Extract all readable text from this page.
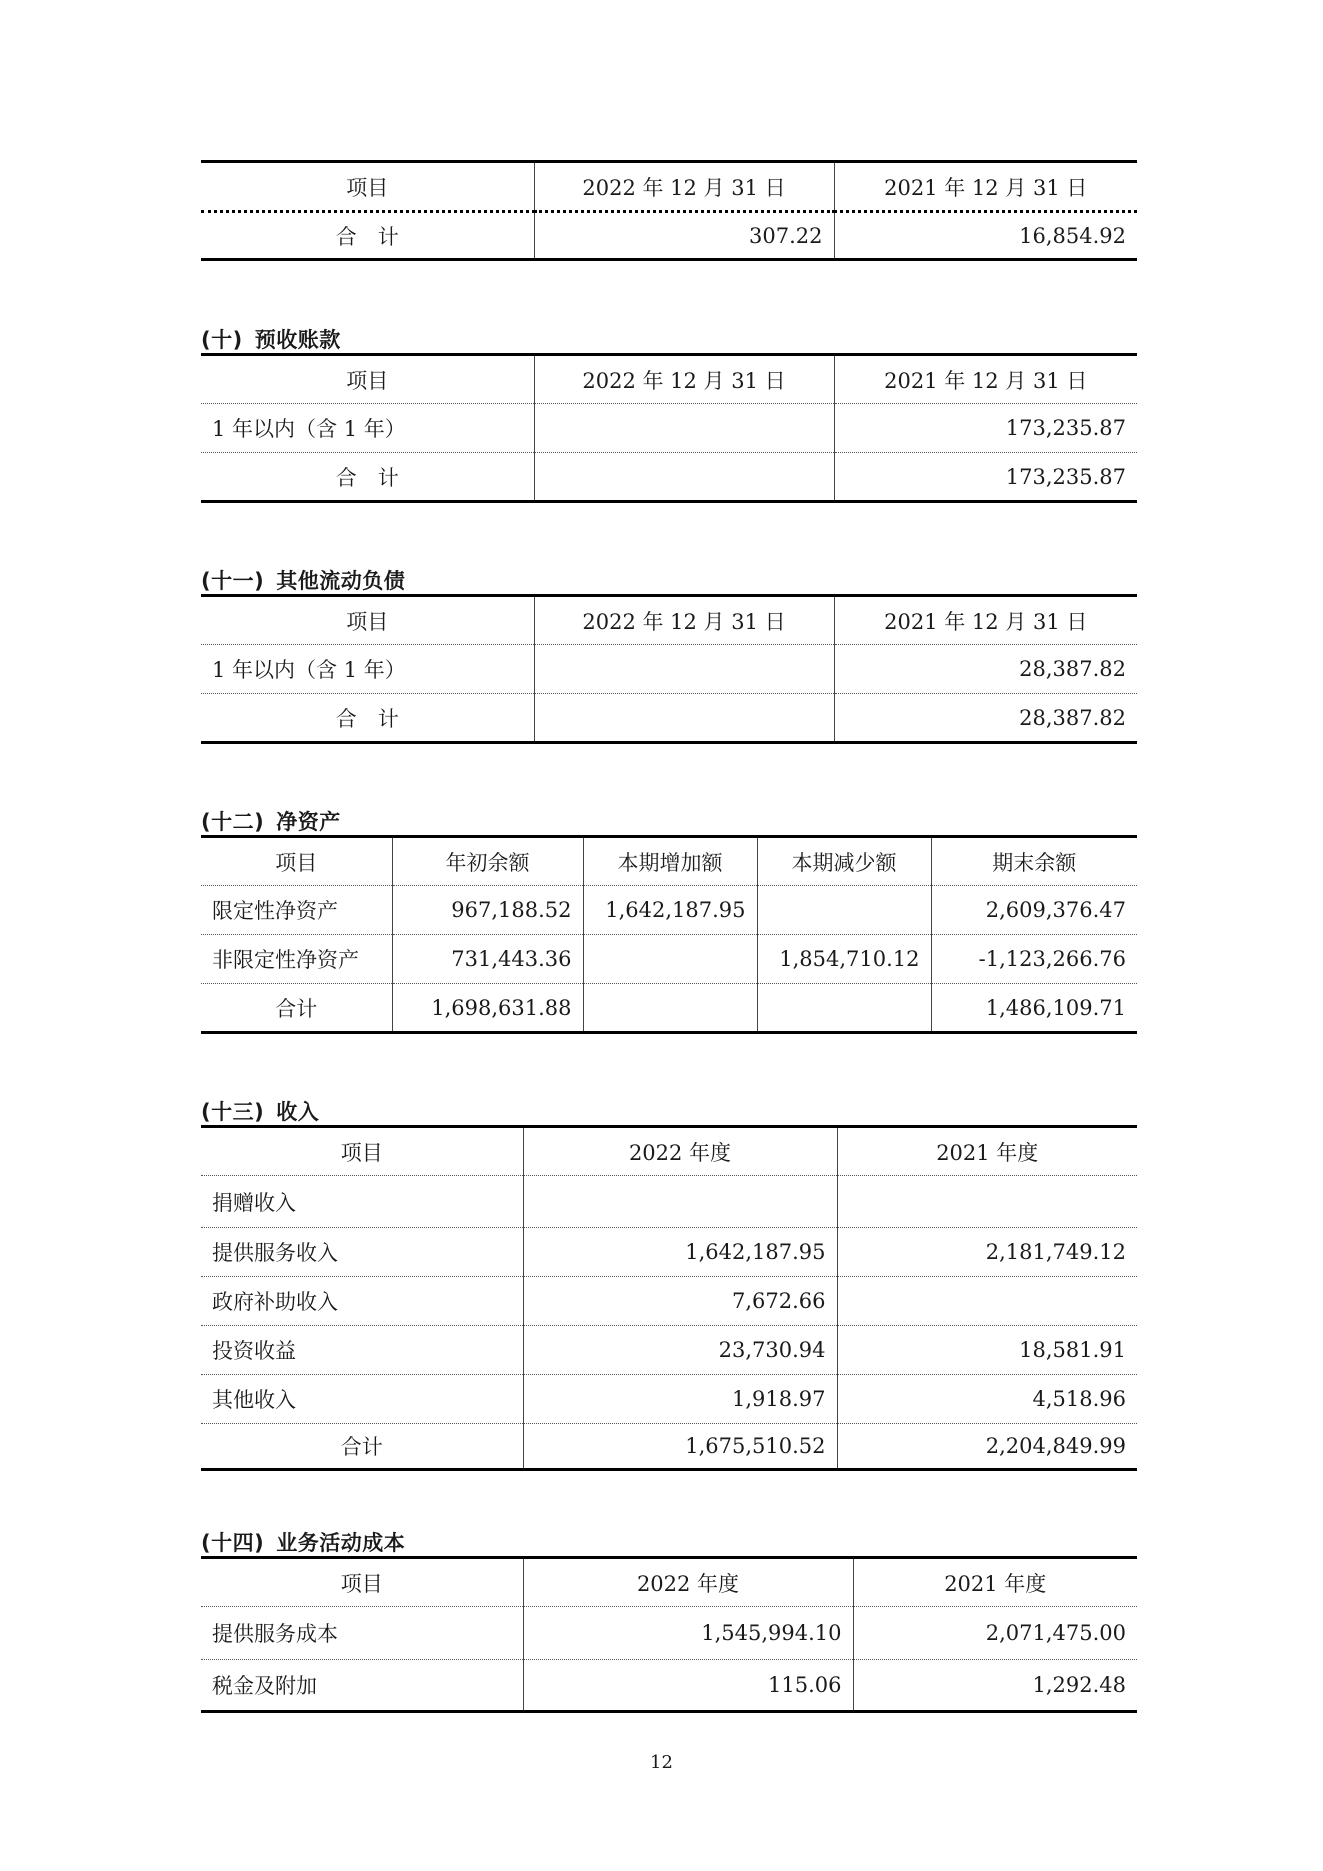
项目	2022 年 12 月 31 日	2021 年 12 月 31 日
合　计	307.22	16,854.92
(十) 预收账款
项目	2022 年 12 月 31 日	2021 年 12 月 31 日
1 年以内（含 1 年）		173,235.87
合　计		173,235.87
(十一) 其他流动负债
项目	2022 年 12 月 31 日	2021 年 12 月 31 日
1 年以内（含 1 年）		28,387.82
合　计		28,387.82
(十二) 净资产
项目	年初余额	本期增加额	本期减少额	期末余额
限定性净资产	967,188.52	1,642,187.95		2,609,376.47
非限定性净资产	731,443.36		1,854,710.12	-1,123,266.76
合计	1,698,631.88			1,486,109.71
(十三) 收入
项目	2022 年度	2021 年度
捐赠收入		
提供服务收入	1,642,187.95	2,181,749.12
政府补助收入	7,672.66	
投资收益	23,730.94	18,581.91
其他收入	1,918.97	4,518.96
合计	1,675,510.52	2,204,849.99
(十四) 业务活动成本
项目	2022 年度	2021 年度
提供服务成本	1,545,994.10	2,071,475.00
税金及附加	115.06	1,292.48
12
